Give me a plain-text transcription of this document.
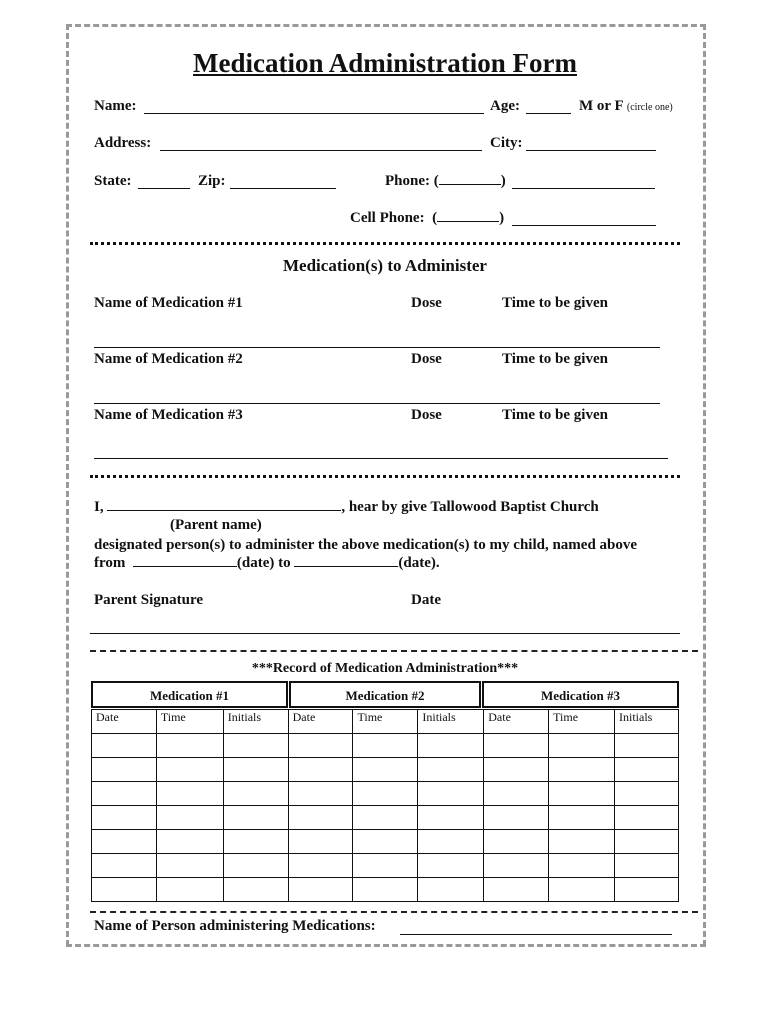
Medication Administration Form
Name:	Age:	M or F (circle one)
Address:	City:
State:	Zip:	Phone: (	)
Cell Phone:  (	)
Medication(s) to Administer
Name of Medication #1	Dose	Time to be given
Name of Medication #2	Dose	Time to be given
Name of Medication #3	Dose	Time to be given
I,	, hear by give Tallowood Baptist Church
(Parent name)
designated person(s) to administer the above medication(s) to my child, named above
from	(date) to	(date).
Parent Signature	Date
***Record of Medication Administration***
Medication #1	Medication #2	Medication #3
Date	Time	Initials	Date	Time	Initials	Date	Time	Initials

Name of Person administering Medications:
